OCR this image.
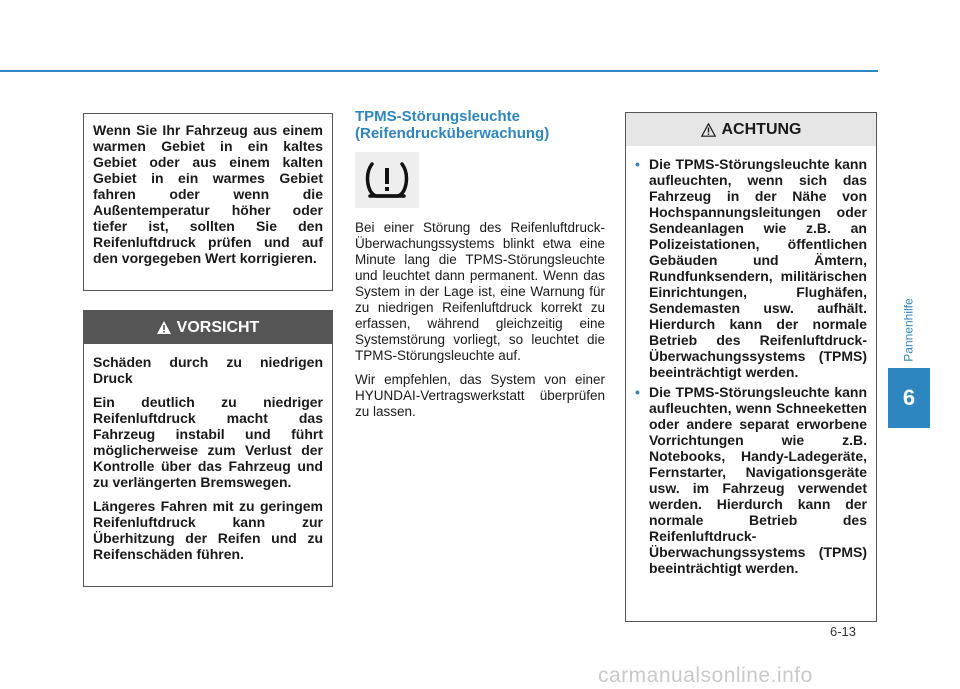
Pannenhilfe
6

Wenn Sie Ihr Fahrzeug aus einem warmen Gebiet in ein kaltes Gebiet oder aus einem kalten Gebiet in ein warmes Gebiet fahren oder wenn die Außentemperatur höher oder tiefer ist, sollten Sie den Reifenluftdruck prüfen und auf den vorgegeben Wert korrigieren.

VORSICHT

Schäden durch zu niedrigen Druck

Ein deutlich zu niedriger Reifenluftdruck macht das Fahrzeug instabil und führt möglicherweise zum Verlust der Kontrolle über das Fahrzeug und zu verlängerten Bremswegen.

Längeres Fahren mit zu geringem Reifenluftdruck kann zur Überhitzung der Reifen und zu Reifenschäden führen.

TPMS-Störungsleuchte (Reifendrucküberwachung)

Bei einer Störung des Reifenluftdruck-Überwachungssystems blinkt etwa eine Minute lang die TPMS-Störungsleuchte und leuchtet dann permanent. Wenn das System in der Lage ist, eine Warnung für zu niedrigen Reifenluftdruck korrekt zu erfassen, während gleichzeitig eine Systemstörung vorliegt, so leuchtet die TPMS-Störungsleuchte auf.

Wir empfehlen, das System von einer HYUNDAI-Vertragswerkstatt überprüfen zu lassen.

ACHTUNG
• Die TPMS-Störungsleuchte kann aufleuchten, wenn sich das Fahrzeug in der Nähe von Hochspannungsleitungen oder Sendeanlagen wie z.B. an Polizeistationen, öffentlichen Gebäuden und Ämtern, Rundfunksendern, militärischen Einrichtungen, Flughäfen, Sendemasten usw. aufhält. Hierdurch kann der normale Betrieb des Reifenluftdruck-Überwachungssystems (TPMS) beeinträchtigt werden.
• Die TPMS-Störungsleuchte kann aufleuchten, wenn Schneeketten oder andere separat erworbene Vorrichtungen wie z.B. Notebooks, Handy-Ladegeräte, Fernstarter, Navigationsgeräte usw. im Fahrzeug verwendet werden. Hierdurch kann der normale Betrieb des Reifenluftdruck-Überwachungssystems (TPMS) beeinträchtigt werden.
6-13
carmanualsonline.info
